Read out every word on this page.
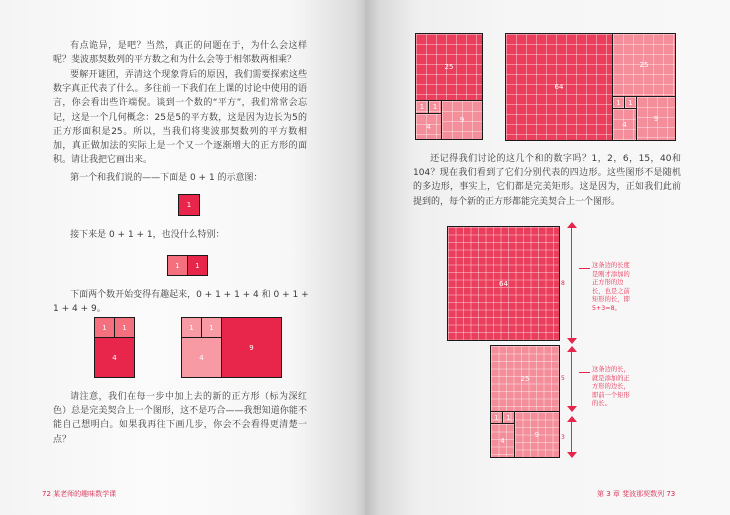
有点诡异，是吧？当然，真正的问题在于，为什么会这样呢？斐波那契数列的平方数之和为什么会等于相邻数两相乘？

要解开谜团，弄清这个现象背后的原因，我们需要探索这些数字真正代表了什么。多往前一下我们在上课的讨论中使用的语言，你会看出些许端倪。谈到一个数的“平方”，我们常常会忘记，这是一个几何概念：25是5的平方数，这是因为边长为5的正方形面积是25。所以，当我们将斐波那契数列的平方数相加，真正做加法的实际上是一个又一个逐渐增大的正方形的面积。请让我把它画出来。

第一个和我们说的——下面是 0 + 1 的示意图：

1

接下来是 0 + 1 + 1，也没什么特别：

1	1

下面两个数开始变得有趣起来，0 + 1 + 1 + 4 和 0 + 1 + 1 + 4 + 9。

1	1
4
1	1
4
9

请注意，我们在每一步中加上去的新的正方形（标为深红色）总是完美契合上一个图形，这不是巧合——我想知道你能不能自己想明白。如果我再往下画几步，你会不会看得更清楚一点？

72 某老师的趣味数学课
25
1	1
4
9
64
25
1	1
4
9

还记得我们讨论的这几个和的数字吗？1，2，6，15，40和104？现在我们看到了它们分别代表的四边形。这些图形不是随机的多边形，事实上，它们都是完美矩形。这是因为，正如我们此前提到的，每个新的正方形都能完美契合上一个图形。

64
25
1	1
4
9
8
5
3

这条边的长度是刚才添加的正方形的边长，也是之前矩形的长，即5+3=8。

这条边的长，就是添加的正方形的边长，即前一个矩形的长。

第 3 章 斐波那契数列 73
